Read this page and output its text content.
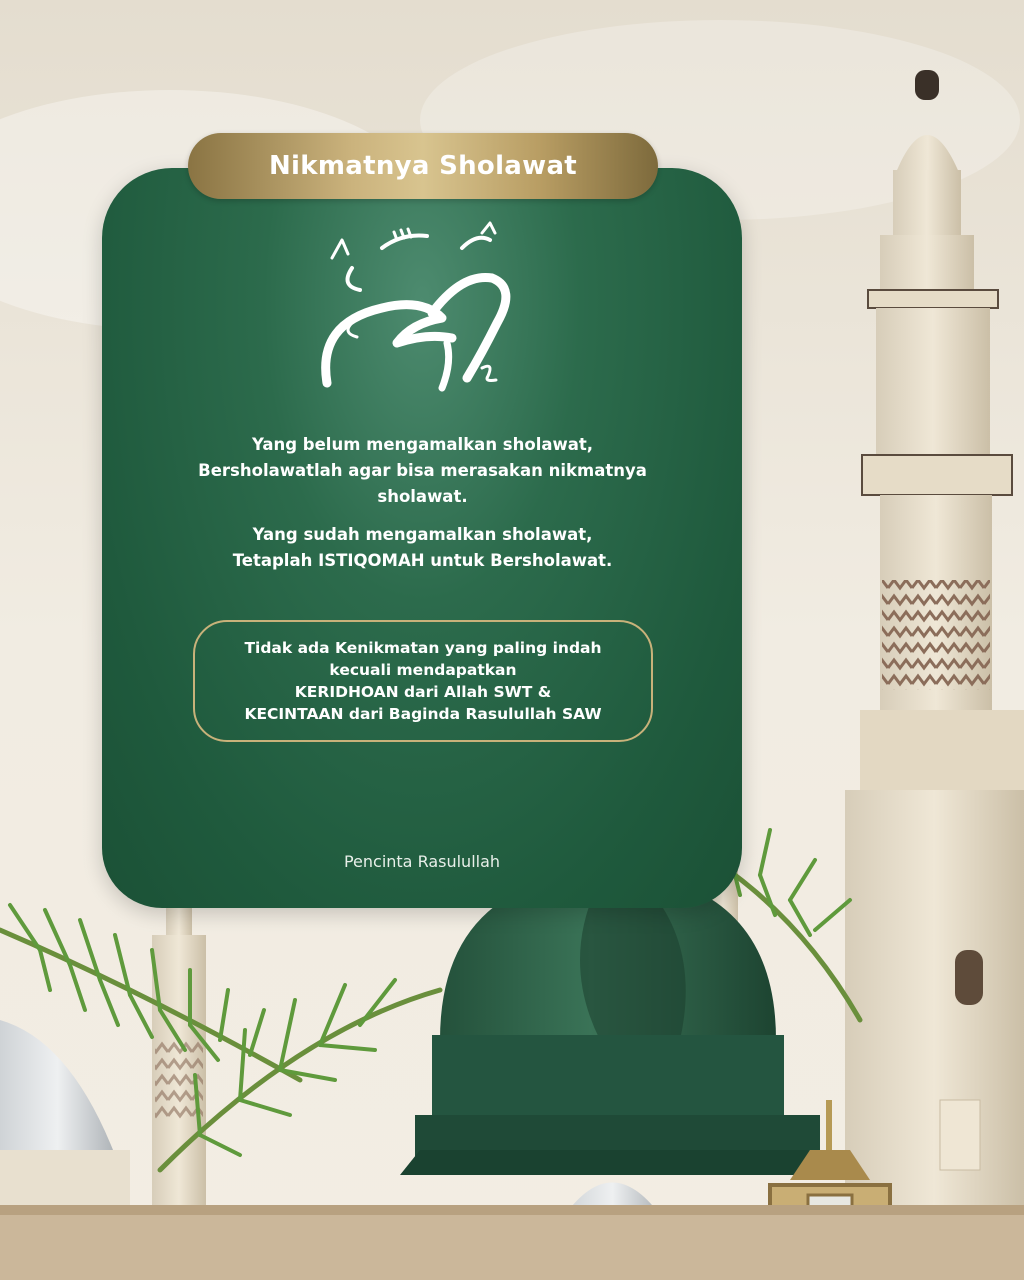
Nikmatnya Sholawat
محمد
Yang belum mengamalkan sholawat,
Bersholawatlah agar bisa merasakan nikmatnya
sholawat.
Yang sudah mengamalkan sholawat,
Tetaplah ISTIQOMAH untuk Bersholawat.
Tidak ada Kenikmatan yang paling indah
kecuali mendapatkan
KERIDHOAN dari Allah SWT &
KECINTAAN dari Baginda Rasulullah SAW
Pencinta Rasulullah
